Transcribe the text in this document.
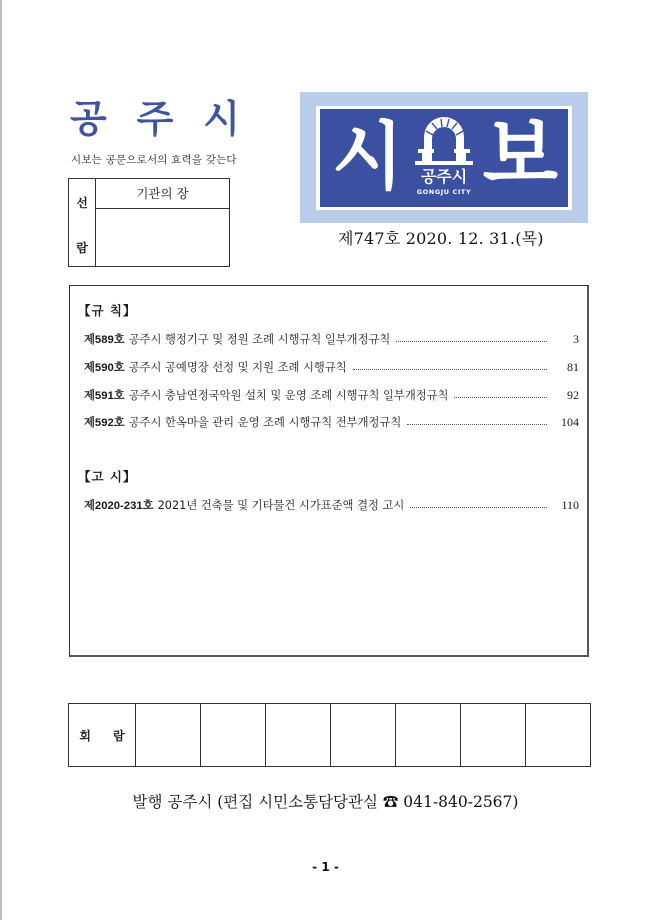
공 주 시
시보는 공문으로서의 효력을 갖는다
선
람
기관의 장	시	공주시
GONGJU CITY 보
제747호 2020. 12. 31.(목)
【규 칙】
제589호 공주시 행정기구 및 정원 조례 시행규칙 일부개정규칙	3
제590호 공주시 공예명장 선정 및 지원 조례 시행규칙	81
제591호 공주시 충남연정국악원 설치 및 운영 조례 시행규칙 일부개정규칙	92
제592호 공주시 한옥마을 관리 운영 조례 시행규칙 전부개정규칙	104
【고 시】
제2020-231호 2021년 건축물 및 기타물건 시가표준액 결정 고시	110
회 람
발행 공주시 (편집 시민소통담당관실 ☎ 041-840-2567)
- 1 -
